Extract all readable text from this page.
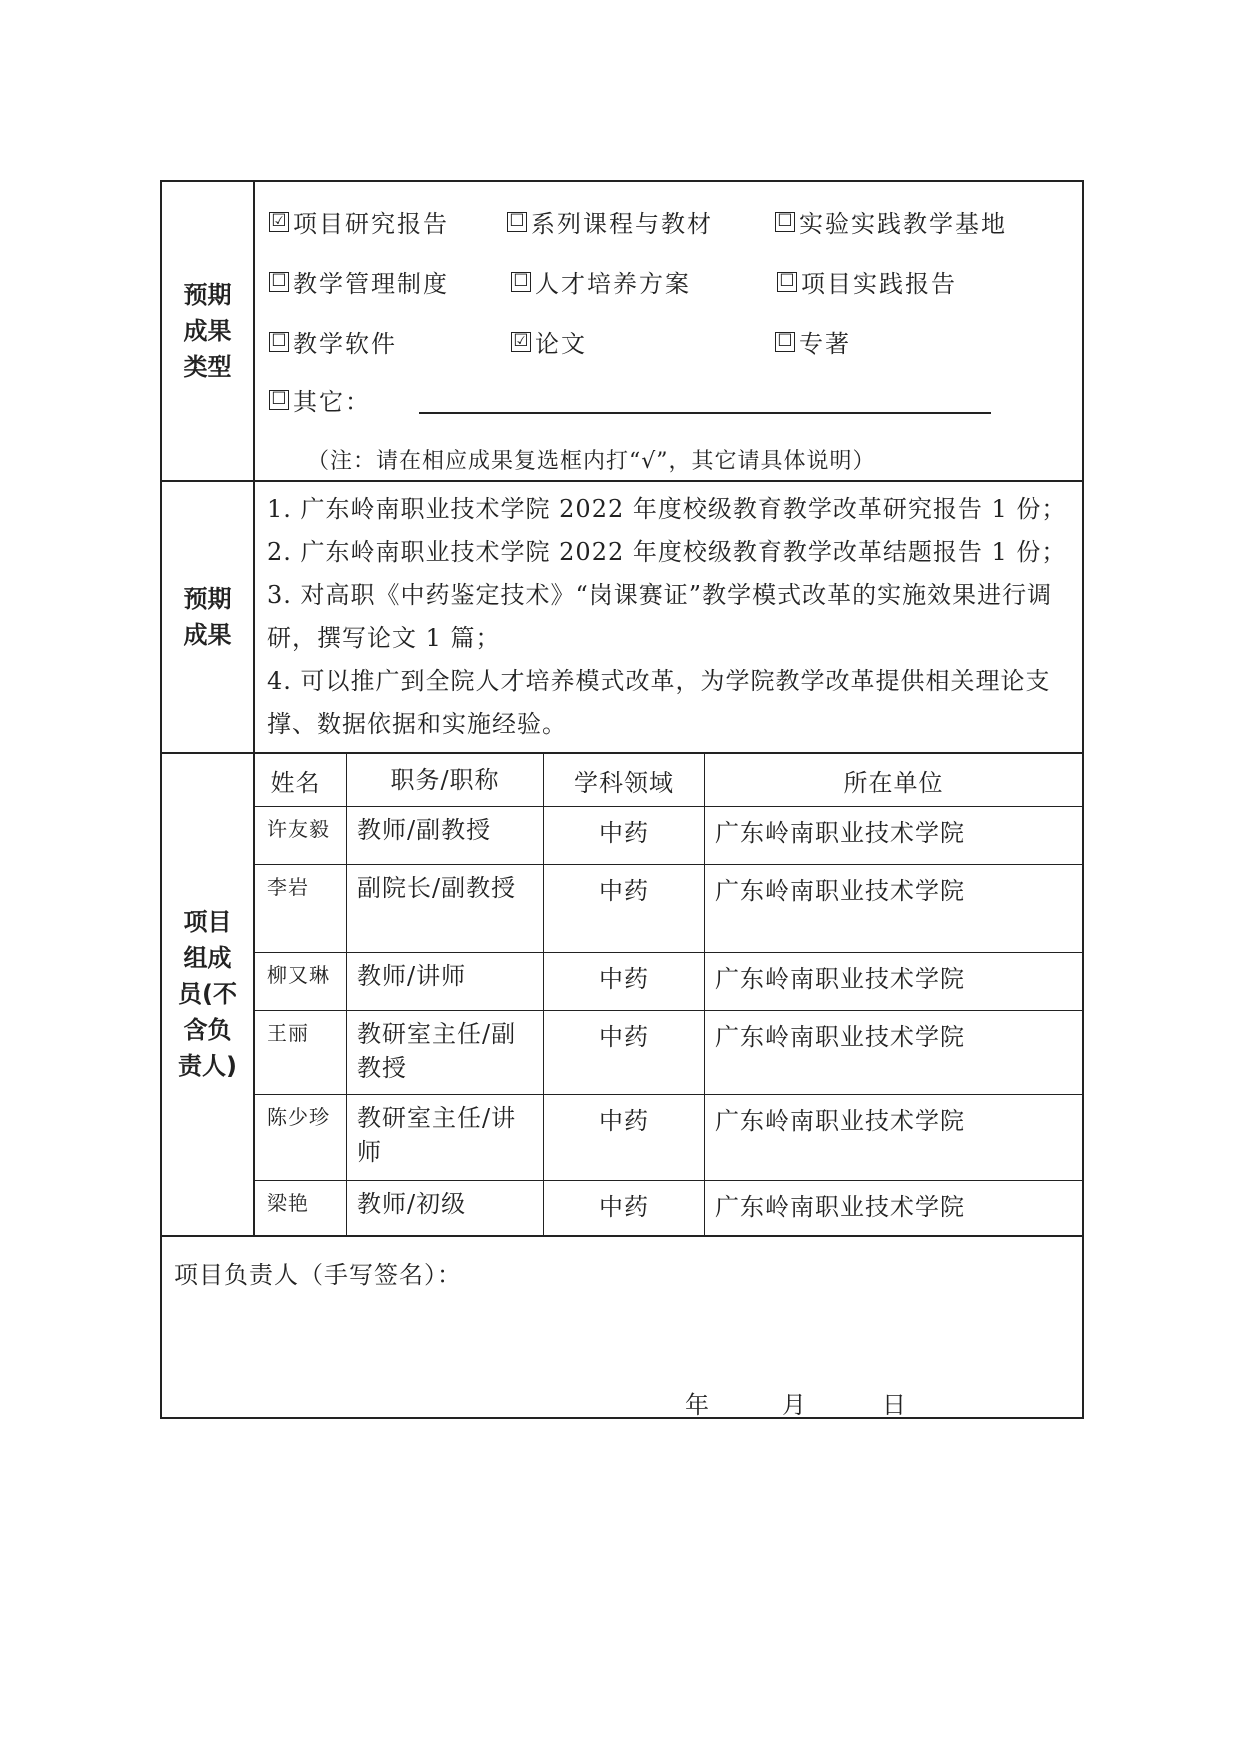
预期
成果
类型

☑ 项目研究报告	☐ 系列课程与教材	☐ 实验实践教学基地
☐ 教学管理制度	☐ 人才培养方案	☐ 项目实践报告
☐ 教学软件	☑ 论文	☐ 专著
☐ 其它：
（注：请在相应成果复选框内打“√”，其它请具体说明）

预期
成果

1. 广东岭南职业技术学院 2022 年度校级教育教学改革研究报告 1 份；

2. 广东岭南职业技术学院 2022 年度校级教育教学改革结题报告 1 份；

3. 对高职《中药鉴定技术》“岗课赛证”教学模式改革的实施效果进行调研，撰写论文 1 篇；

4. 可以推广到全院人才培养模式改革，为学院教学改革提供相关理论支撑、数据依据和实施经验。

项目
组成
员(不
含负
责人)

姓名	职务/职称	学科领域	所在单位
许友毅	教师/副教授	中药	广东岭南职业技术学院
李岩	副院长/副教授	中药	广东岭南职业技术学院
柳又琳	教师/讲师	中药	广东岭南职业技术学院
王丽	教研室主任/副教授	中药	广东岭南职业技术学院
陈少珍	教研室主任/讲师	中药	广东岭南职业技术学院
梁艳	教师/初级	中药	广东岭南职业技术学院

项目负责人（手写签名）：
年	月	日
